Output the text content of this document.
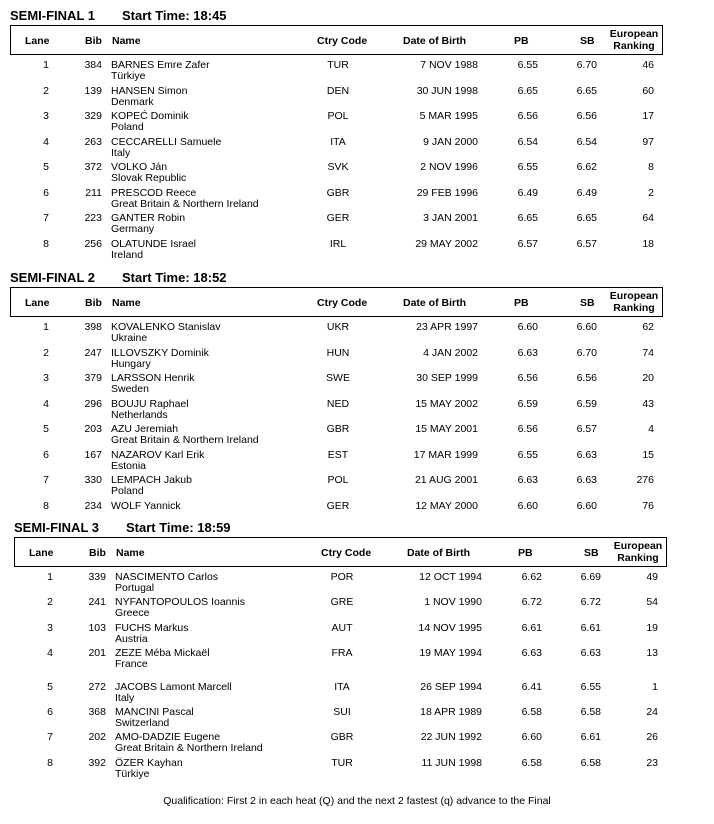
SEMI-FINAL 1 Start Time: 18:45
Lane	Bib Name	Ctry Code	Date of Birth	PB	SB
European
Ranking
1	384 BARNES Emre Zafer
Türkiye
TUR	7 NOV 1988	6.55	6.70	46
2	139 HANSEN Simon
Denmark
DEN	30 JUN 1998	6.65	6.65	60
3	329 KOPEĆ Dominik
Poland
POL	5 MAR 1995	6.56	6.56	17
4	263 CECCARELLI Samuele
Italy
ITA	9 JAN 2000	6.54	6.54	97
5	372 VOLKO Ján
Slovak Republic
SVK	2 NOV 1996	6.55	6.62	8
6	211 PRESCOD Reece
Great Britain & Northern Ireland
GBR	29 FEB 1996	6.49	6.49	2
7	223 GANTER Robin
Germany
GER	3 JAN 2001	6.65	6.65	64
8	256 OLATUNDE Israel
Ireland
IRL	29 MAY 2002	6.57	6.57	18
SEMI-FINAL 2 Start Time: 18:52
Lane	Bib Name	Ctry Code	Date of Birth	PB	SB
European
Ranking
1	398 KOVALENKO Stanislav
Ukraine
UKR	23 APR 1997	6.60	6.60	62
2	247 ILLOVSZKY Dominik
Hungary
HUN	4 JAN 2002	6.63	6.70	74
3	379 LARSSON Henrik
Sweden
SWE	30 SEP 1999	6.56	6.56	20
4	296 BOUJU Raphael
Netherlands
NED	15 MAY 2002	6.59	6.59	43
5	203 AZU Jeremiah
Great Britain & Northern Ireland
GBR	15 MAY 2001	6.56	6.57	4
6	167 NAZAROV Karl Erik
Estonia
EST	17 MAR 1999	6.55	6.63	15
7	330 LEMPACH Jakub
Poland
POL	21 AUG 2001	6.63	6.63	276
8	234 WOLF Yannick	GER	12 MAY 2000	6.60	6.60	76
SEMI-FINAL 3 Start Time: 18:59
Lane	Bib Name	Ctry Code	Date of Birth	PB	SB
European
Ranking
1	339 NASCIMENTO Carlos
Portugal
POR	12 OCT 1994	6.62	6.69	49
2	241 NYFANTOPOULOS Ioannis
Greece
GRE	1 NOV 1990	6.72	6.72	54
3	103 FUCHS Markus
Austria
AUT	14 NOV 1995	6.61	6.61	19
4	201 ZEZE Méba Mickaël
France
FRA	19 MAY 1994	6.63	6.63	13
5	272 JACOBS Lamont Marcell
Italy
ITA	26 SEP 1994	6.41	6.55	1
6	368 MANCINI Pascal
Switzerland
SUI	18 APR 1989	6.58	6.58	24
7	202 AMO-DADZIE Eugene
Great Britain & Northern Ireland
GBR	22 JUN 1992	6.60	6.61	26
8	392 ÖZER Kayhan
Türkiye
TUR	11 JUN 1998	6.58	6.58	23
Qualification: First 2 in each heat (Q) and the next 2 fastest (q) advance to the Final
